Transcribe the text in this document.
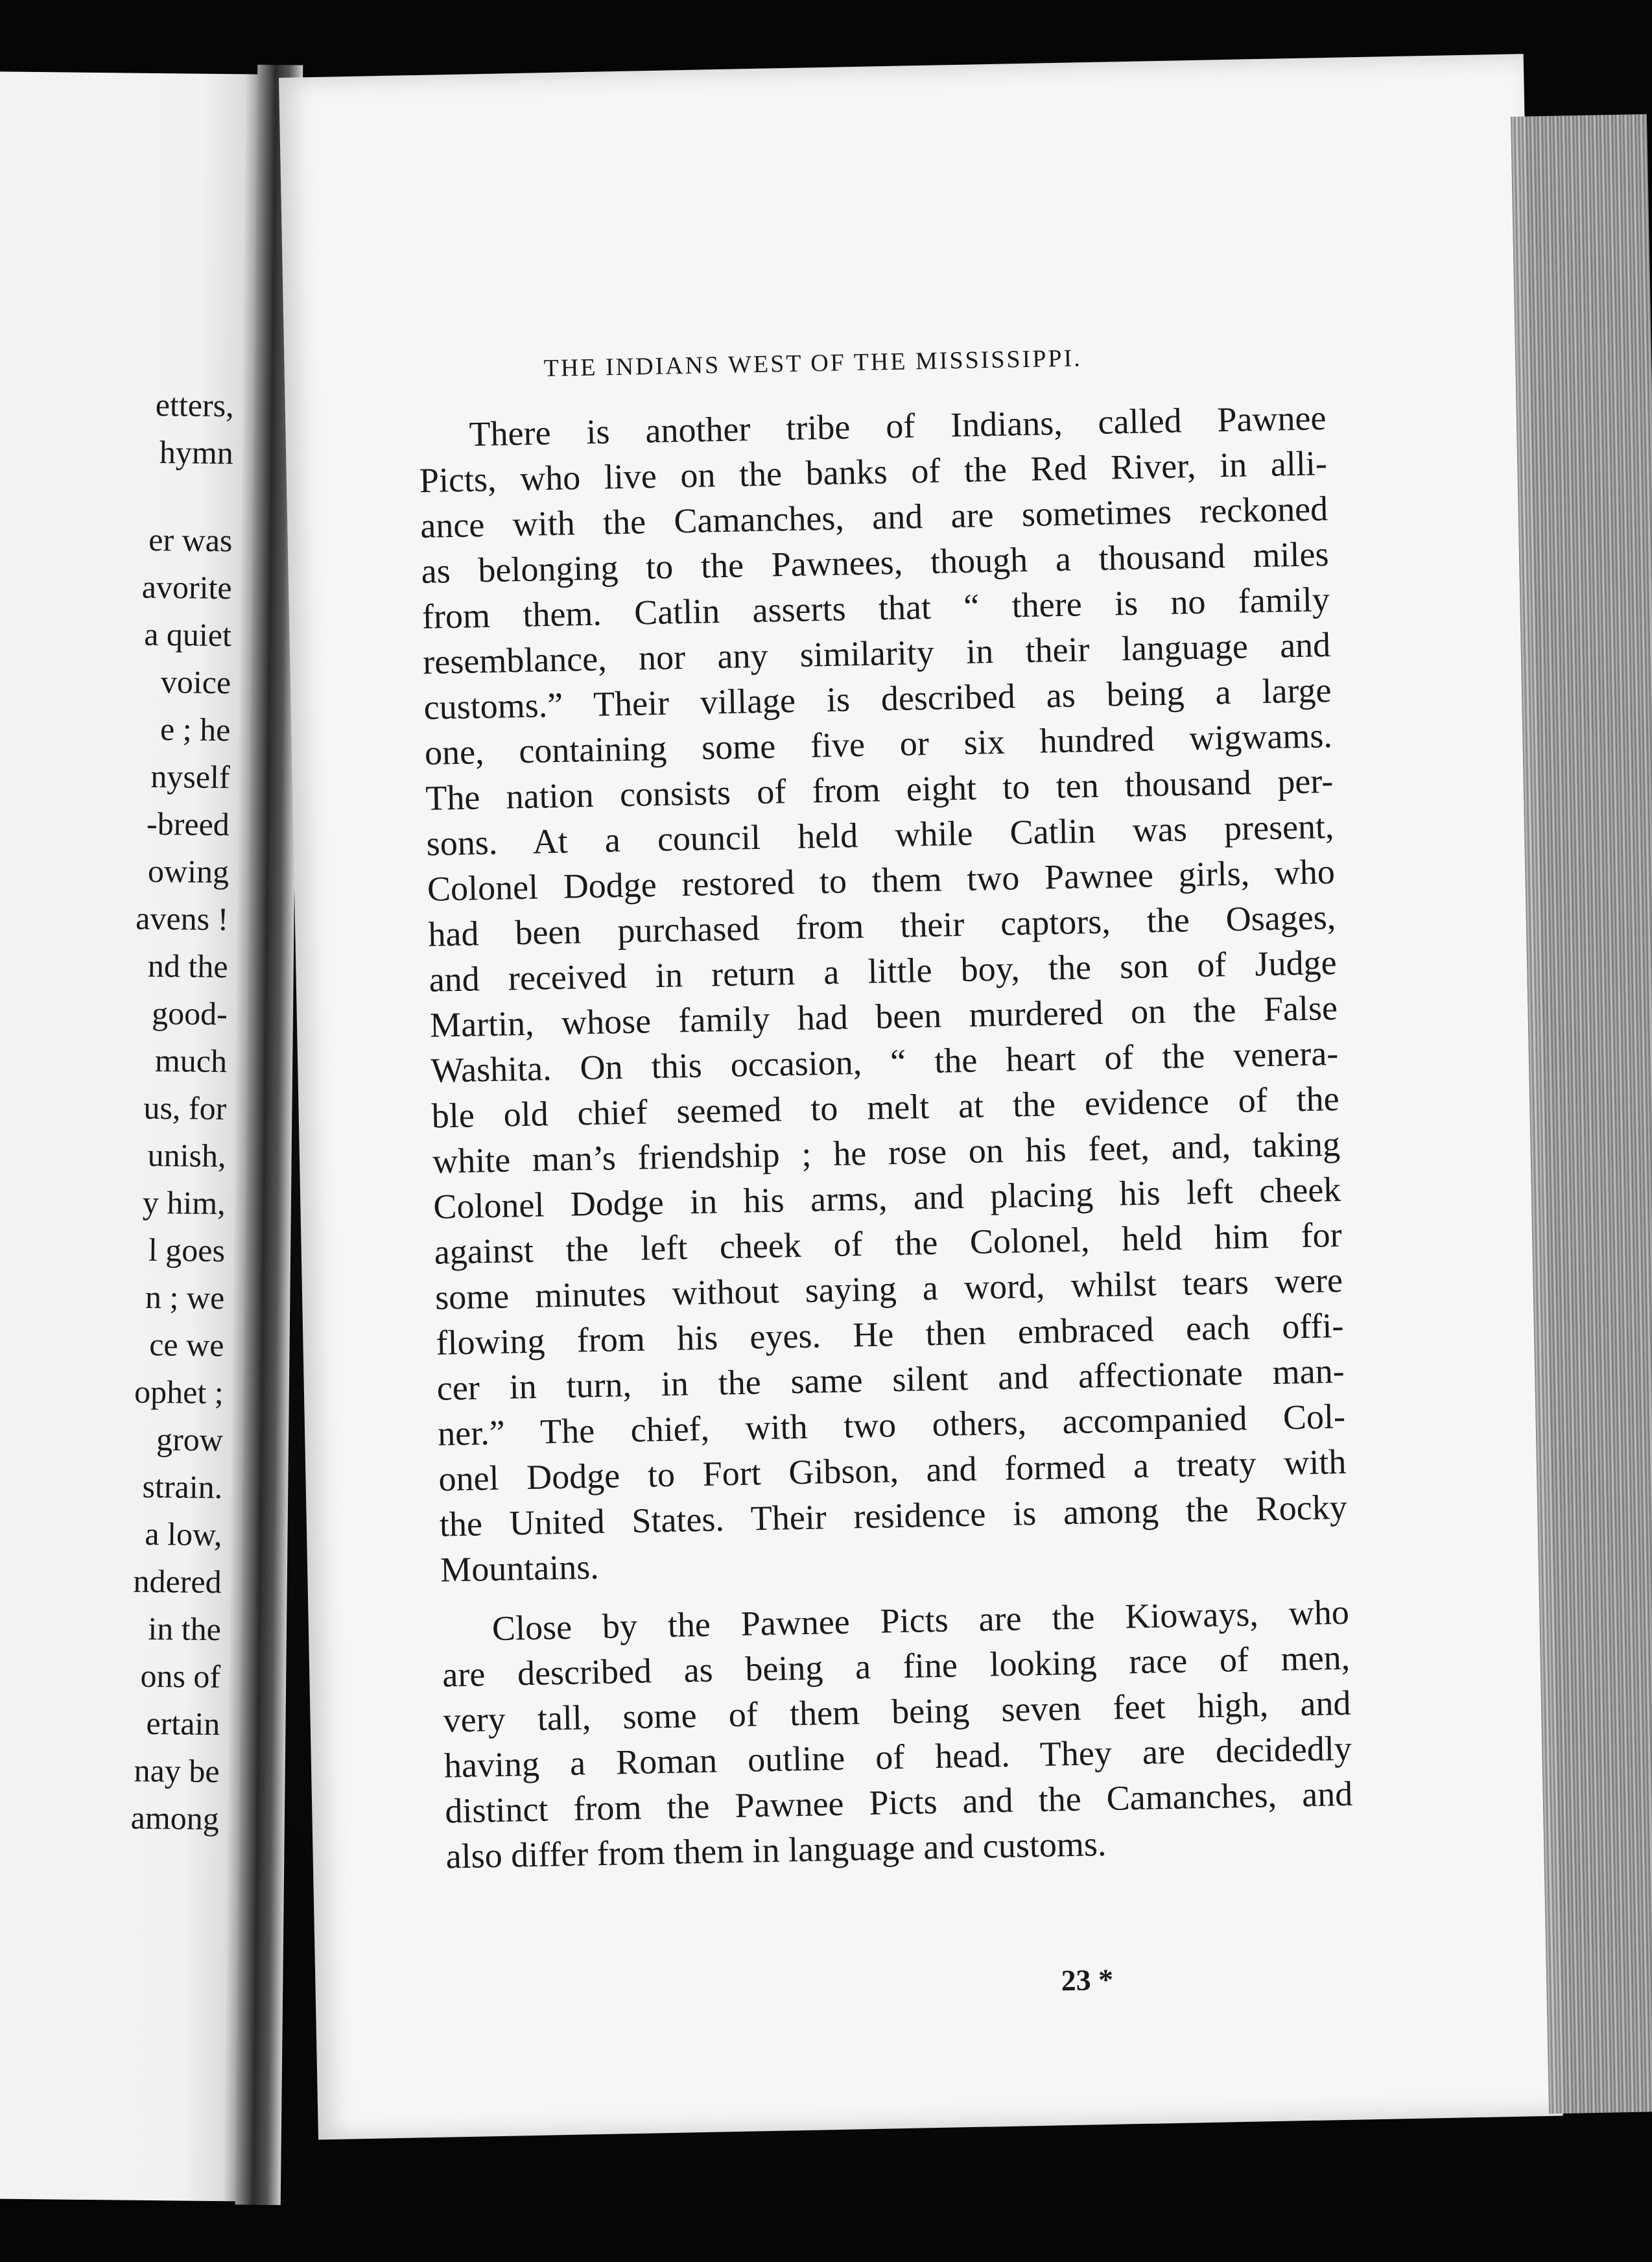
etters,
hymn
er was
avorite
a quiet
voice
e ; he
nyself
-breed
owing
avens !
nd the
good-
much
us, for
unish,
y him,
l goes
n ; we
ce we
ophet ;
grow
strain.
a low,
ndered
in the
ons of
ertain
nay be
among
THE INDIANS WEST OF THE MISSISSIPPI.
There is another tribe of Indians, called Pawnee
Picts, who live on the banks of the Red River, in alli-
ance with the Camanches, and are sometimes reckoned
as belonging to the Pawnees, though a thousand miles
from them. Catlin asserts that “ there is no family
resemblance, nor any similarity in their language and
customs.” Their village is described as being a large
one, containing some five or six hundred wigwams.
The nation consists of from eight to ten thousand per-
sons. At a council held while Catlin was present,
Colonel Dodge restored to them two Pawnee girls, who
had been purchased from their captors, the Osages,
and received in return a little boy, the son of Judge
Martin, whose family had been murdered on the False
Washita. On this occasion, “ the heart of the venera-
ble old chief seemed to melt at the evidence of the
white man’s friendship ; he rose on his feet, and, taking
Colonel Dodge in his arms, and placing his left cheek
against the left cheek of the Colonel, held him for
some minutes without saying a word, whilst tears were
flowing from his eyes. He then embraced each offi-
cer in turn, in the same silent and affectionate man-
ner.” The chief, with two others, accompanied Col-
onel Dodge to Fort Gibson, and formed a treaty with
the United States. Their residence is among the Rocky
Mountains.
Close by the Pawnee Picts are the Kioways, who
are described as being a fine looking race of men,
very tall, some of them being seven feet high, and
having a Roman outline of head. They are decidedly
distinct from the Pawnee Picts and the Camanches, and
also differ from them in language and customs.
23 *
